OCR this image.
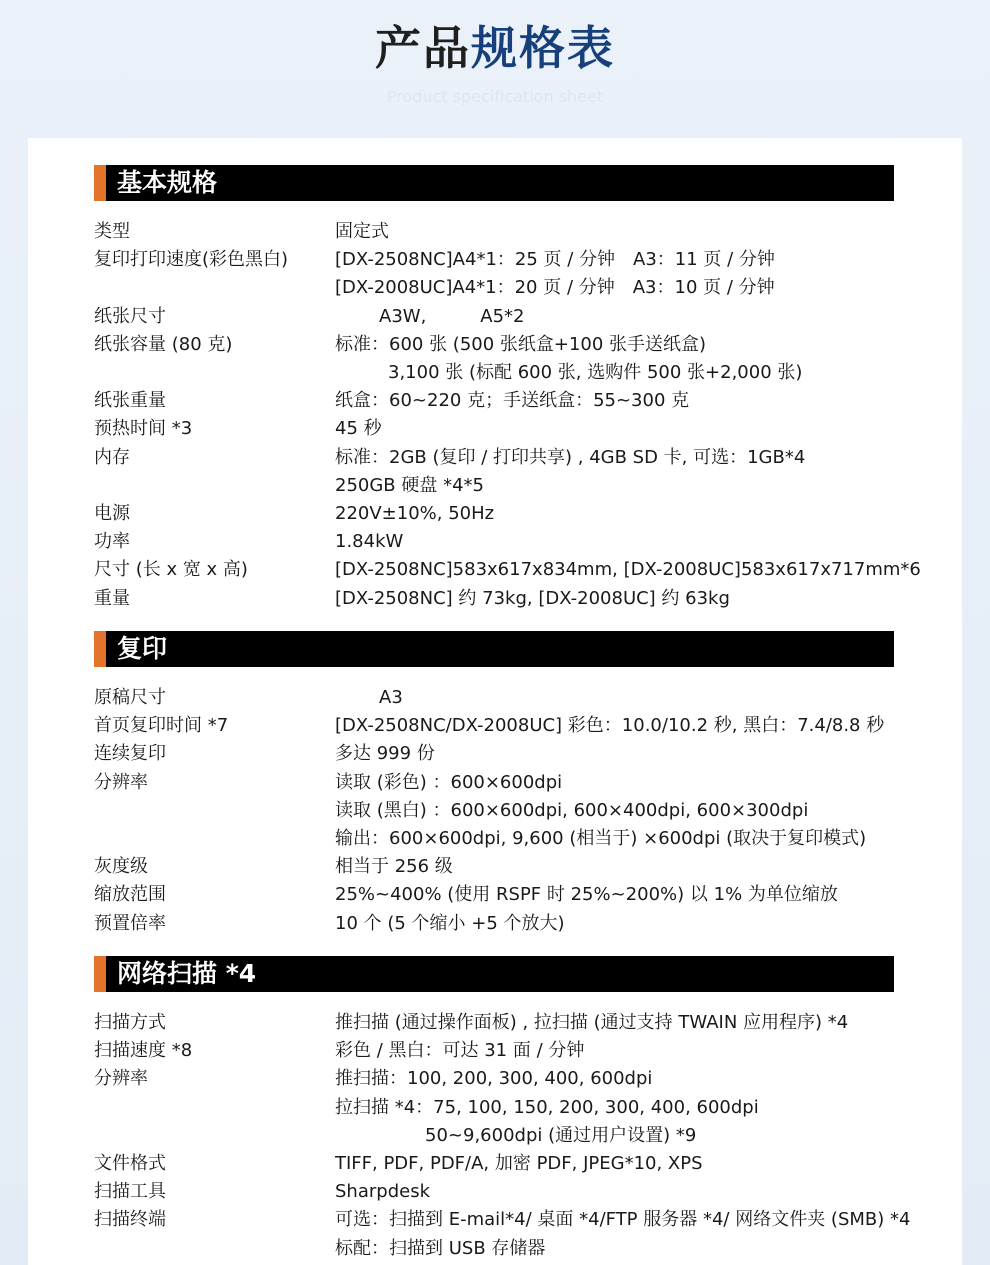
产品规格表
Product specification sheet
基本规格
类型	固定式
复印打印速度(彩色黑白)	[DX-2508NC]A4*1：25 页 / 分钟　A3：11 页 / 分钟
[DX-2008UC]A4*1：20 页 / 分钟　A3：10 页 / 分钟
纸张尺寸	A3W,　　　A5*2
纸张容量 (80 克)	标准：600 张 (500 张纸盒+100 张手送纸盒)
3,100 张 (标配 600 张, 选购件 500 张+2,000 张)
纸张重量	纸盒：60~220 克；手送纸盒：55~300 克
预热时间 *3	45 秒
内存	标准：2GB (复印 / 打印共享) , 4GB SD 卡, 可选：1GB*4
250GB 硬盘 *4*5
电源	220V±10%, 50Hz
功率	1.84kW
尺寸 (长 x 宽 x 高)	[DX-2508NC]583x617x834mm, [DX-2008UC]583x617x717mm*6
重量	[DX-2508NC] 约 73kg, [DX-2008UC] 约 63kg
复印
原稿尺寸	A3
首页复印时间 *7	[DX-2508NC/DX-2008UC] 彩色：10.0/10.2 秒, 黑白：7.4/8.8 秒
连续复印	多达 999 份
分辨率	读取 (彩色) ：600×600dpi
读取 (黑白) ：600×600dpi, 600×400dpi, 600×300dpi
输出：600×600dpi, 9,600 (相当于) ×600dpi (取决于复印模式)
灰度级	相当于 256 级
缩放范围	25%~400% (使用 RSPF 时 25%~200%) 以 1% 为单位缩放
预置倍率	10 个 (5 个缩小 +5 个放大)
网络扫描 *4
扫描方式	推扫描 (通过操作面板) , 拉扫描 (通过支持 TWAIN 应用程序) *4
扫描速度 *8	彩色 / 黑白：可达 31 面 / 分钟
分辨率	推扫描：100, 200, 300, 400, 600dpi
拉扫描 *4：75, 100, 150, 200, 300, 400, 600dpi
50~9,600dpi (通过用户设置) *9
文件格式	TIFF, PDF, PDF/A, 加密 PDF, JPEG*10, XPS
扫描工具	Sharpdesk
扫描终端	可选：扫描到 E-mail*4/ 桌面 *4/FTP 服务器 *4/ 网络文件夹 (SMB) *4
标配：扫描到 USB 存储器
